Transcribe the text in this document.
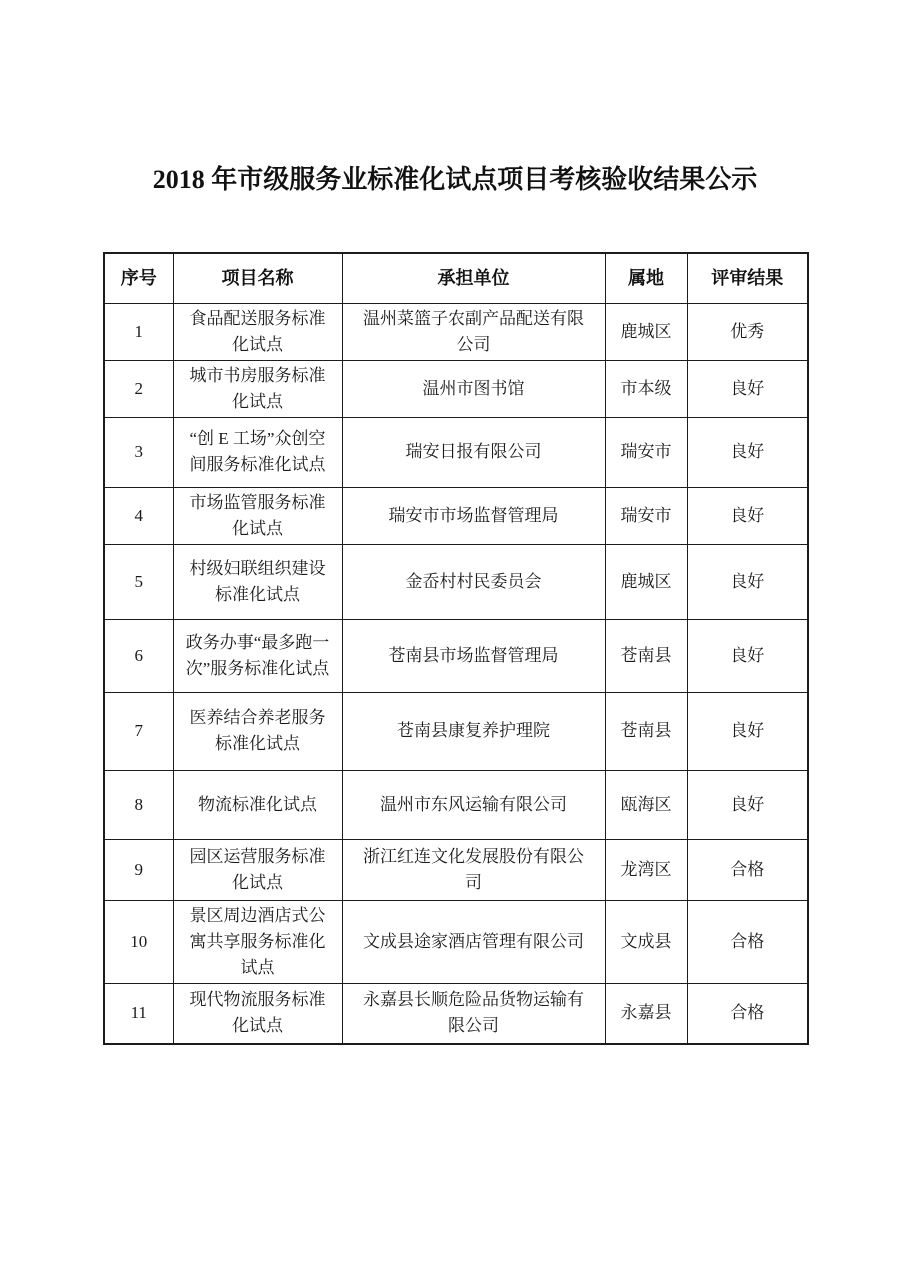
2018 年市级服务业标准化试点项目考核验收结果公示
序号	项目名称	承担单位	属地	评审结果
1	食品配送服务标准化试点	温州菜篮子农副产品配送有限公司	鹿城区	优秀
2	城市书房服务标准化试点	温州市图书馆	市本级	良好
3	“创 E 工场”众创空间服务标准化试点	瑞安日报有限公司	瑞安市	良好
4	市场监管服务标准化试点	瑞安市市场监督管理局	瑞安市	良好
5	村级妇联组织建设标准化试点	金岙村村民委员会	鹿城区	良好
6	政务办事“最多跑一次”服务标准化试点	苍南县市场监督管理局	苍南县	良好
7	医养结合养老服务标准化试点	苍南县康复养护理院	苍南县	良好
8	物流标准化试点	温州市东风运输有限公司	瓯海区	良好
9	园区运营服务标准化试点	浙江红连文化发展股份有限公司	龙湾区	合格
10	景区周边酒店式公寓共享服务标准化试点	文成县途家酒店管理有限公司	文成县	合格
11	现代物流服务标准化试点	永嘉县长顺危险品货物运输有限公司	永嘉县	合格
